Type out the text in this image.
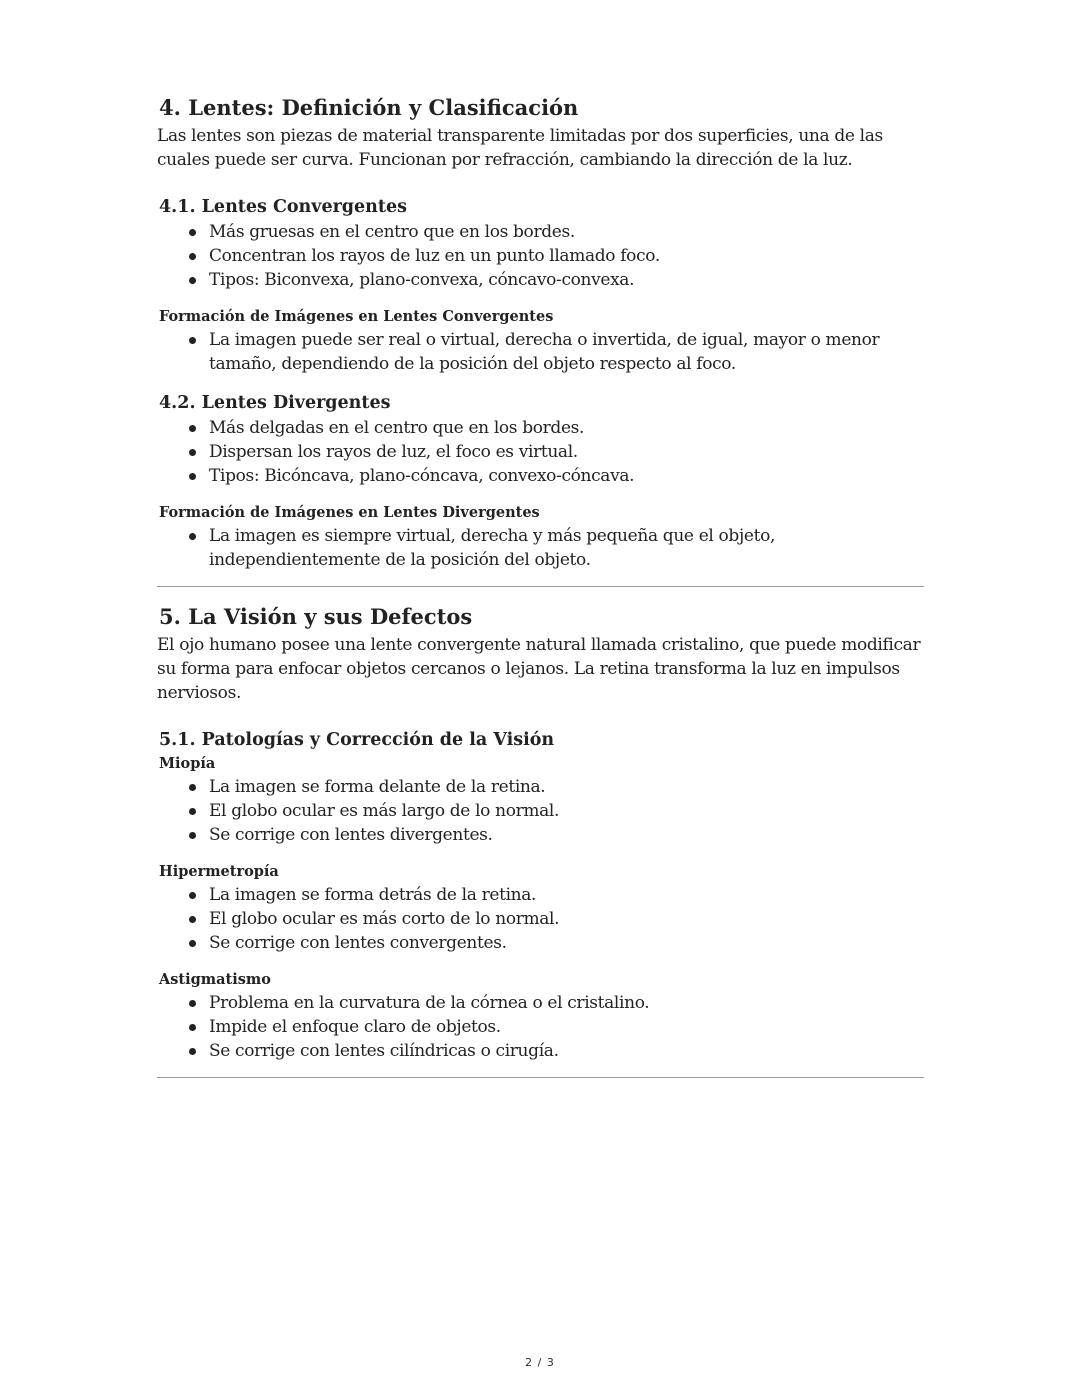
4. Lentes: Definición y Clasificación

Las lentes son piezas de material transparente limitadas por dos superficies, una de las cuales puede ser curva. Funcionan por refracción, cambiando la dirección de la luz.

4.1. Lentes Convergentes
Más gruesas en el centro que en los bordes.
Concentran los rayos de luz en un punto llamado foco.
Tipos: Biconvexa, plano-convexa, cóncavo-convexa.
Formación de Imágenes en Lentes Convergentes
La imagen puede ser real o virtual, derecha o invertida, de igual, mayor o menor tamaño, dependiendo de la posición del objeto respecto al foco.
4.2. Lentes Divergentes
Más delgadas en el centro que en los bordes.
Dispersan los rayos de luz, el foco es virtual.
Tipos: Bicóncava, plano-cóncava, convexo-cóncava.
Formación de Imágenes en Lentes Divergentes
La imagen es siempre virtual, derecha y más pequeña que el objeto, independientemente de la posición del objeto.
5. La Visión y sus Defectos

El ojo humano posee una lente convergente natural llamada cristalino, que puede modificar su forma para enfocar objetos cercanos o lejanos. La retina transforma la luz en impulsos nerviosos.

5.1. Patologías y Corrección de la Visión
Miopía
La imagen se forma delante de la retina.
El globo ocular es más largo de lo normal.
Se corrige con lentes divergentes.
Hipermetropía
La imagen se forma detrás de la retina.
El globo ocular es más corto de lo normal.
Se corrige con lentes convergentes.
Astigmatismo
Problema en la curvatura de la córnea o el cristalino.
Impide el enfoque claro de objetos.
Se corrige con lentes cilíndricas o cirugía.
2 / 3
